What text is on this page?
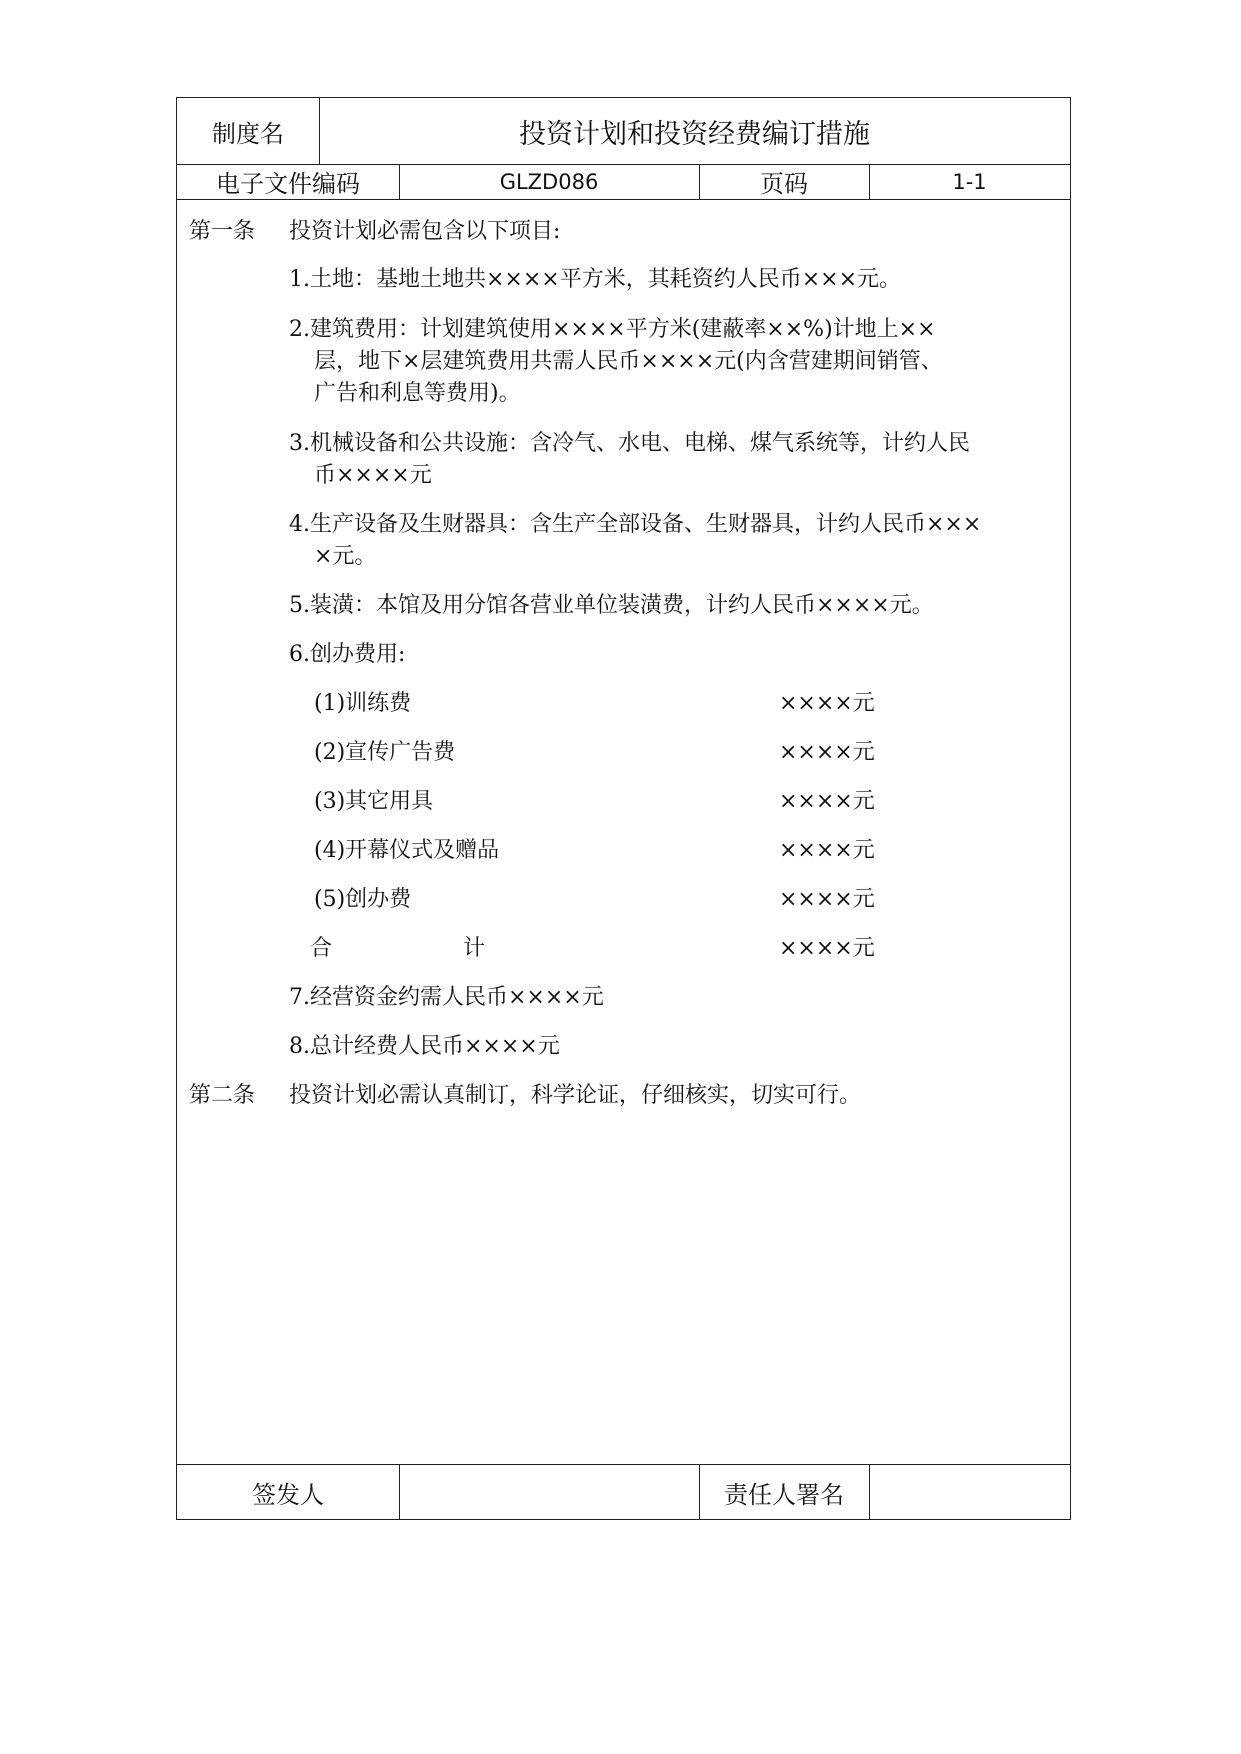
制度名	投资计划和投资经费编订措施
电子文件编码	GLZD086	页码	1-1
第一条 投资计划必需包含以下项目:
1.土地：基地土地共××××平方米，其耗资约人民币×××元。
2.建筑费用：计划建筑使用××××平方米(建蔽率××%)计地上××
层，地下×层建筑费用共需人民币××××元(内含营建期间销管、
广告和利息等费用)。
3.机械设备和公共设施：含冷气、水电、电梯、煤气系统等，计约人民
币××××元
4.生产设备及生财器具：含生产全部设备、生财器具，计约人民币×××
×元。
5.装潢：本馆及用分馆各营业单位装潢费，计约人民币××××元。
6.创办费用:
(1)训练费	××××元
(2)宣传广告费	××××元
(3)其它用具	××××元
(4)开幕仪式及赠品	××××元
(5)创办费	××××元
合	计	××××元
7.经营资金约需人民币××××元
8.总计经费人民币××××元
第二条 投资计划必需认真制订，科学论证，仔细核实，切实可行。
签发人	责任人署名
